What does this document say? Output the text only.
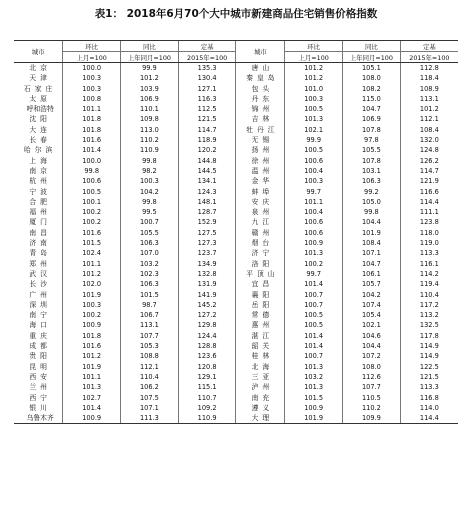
表1： 2018年6月70个大中城市新建商品住宅销售价格指数
城市	环比	同比	定基	城市	环比	同比	定基
	上月=100	上年同月=100	2015年=100		上月=100	上年同月=100	2015年=100
北京	100.0	99.9	135.3	唐山	101.2	105.1	112.8
天津	100.3	101.2	130.4	秦皇岛	101.2	108.0	118.4
石家庄	100.3	103.9	127.1	包头	101.0	108.2	108.9
太原	100.8	106.9	116.3	丹东	100.3	115.0	113.1
呼和浩特	101.1	110.1	112.5	锦州	100.5	104.7	101.2
沈阳	101.8	109.8	121.5	吉林	101.3	106.9	112.1
大连	101.8	113.0	114.7	牡丹江	102.1	107.8	108.4
长春	101.6	110.2	118.9	无锡	99.9	97.8	132.0
哈尔滨	101.4	110.9	120.2	扬州	100.5	105.5	124.8
上海	100.0	99.8	144.8	徐州	100.6	107.8	126.2
南京	99.8	98.2	144.5	温州	100.4	103.1	114.7
杭州	100.6	100.3	134.1	金华	100.3	106.3	121.9
宁波	100.5	104.2	124.3	蚌埠	99.7	99.2	116.6
合肥	100.1	99.8	148.1	安庆	101.1	105.0	114.4
福州	100.2	99.5	128.7	泉州	100.4	99.8	111.1
厦门	100.2	100.7	152.9	九江	100.6	104.4	123.8
南昌	101.6	105.5	127.5	赣州	100.6	101.9	118.0
济南	101.5	106.3	127.3	烟台	100.9	108.4	119.0
青岛	102.4	107.0	123.7	济宁	101.3	107.1	113.3
郑州	101.1	103.2	134.9	洛阳	100.2	104.7	116.1
武汉	101.2	102.3	132.8	平顶山	99.7	106.1	114.2
长沙	102.0	106.3	131.9	宜昌	101.4	105.7	119.4
广州	101.9	101.5	141.9	襄阳	100.7	104.2	110.4
深圳	100.3	98.7	145.2	岳阳	100.7	107.4	117.2
南宁	100.2	106.7	127.2	常德	100.5	105.4	113.2
海口	100.9	113.1	129.8	惠州	100.5	102.1	132.5
重庆	101.8	107.7	124.4	湛江	101.4	104.6	117.8
成都	101.6	105.3	128.8	韶关	101.4	104.4	114.9
贵阳	101.2	108.8	123.6	桂林	100.7	107.2	114.9
昆明	101.9	112.1	120.8	北海	101.3	108.0	122.5
西安	101.1	110.4	129.1	三亚	103.2	112.6	121.5
兰州	101.3	106.2	115.1	泸州	101.3	107.7	113.3
西宁	102.7	107.5	110.7	南充	101.5	110.5	116.8
银川	101.4	107.1	109.2	遵义	100.9	110.2	114.0
乌鲁木齐	100.9	111.3	110.9	大理	101.9	109.9	114.4
